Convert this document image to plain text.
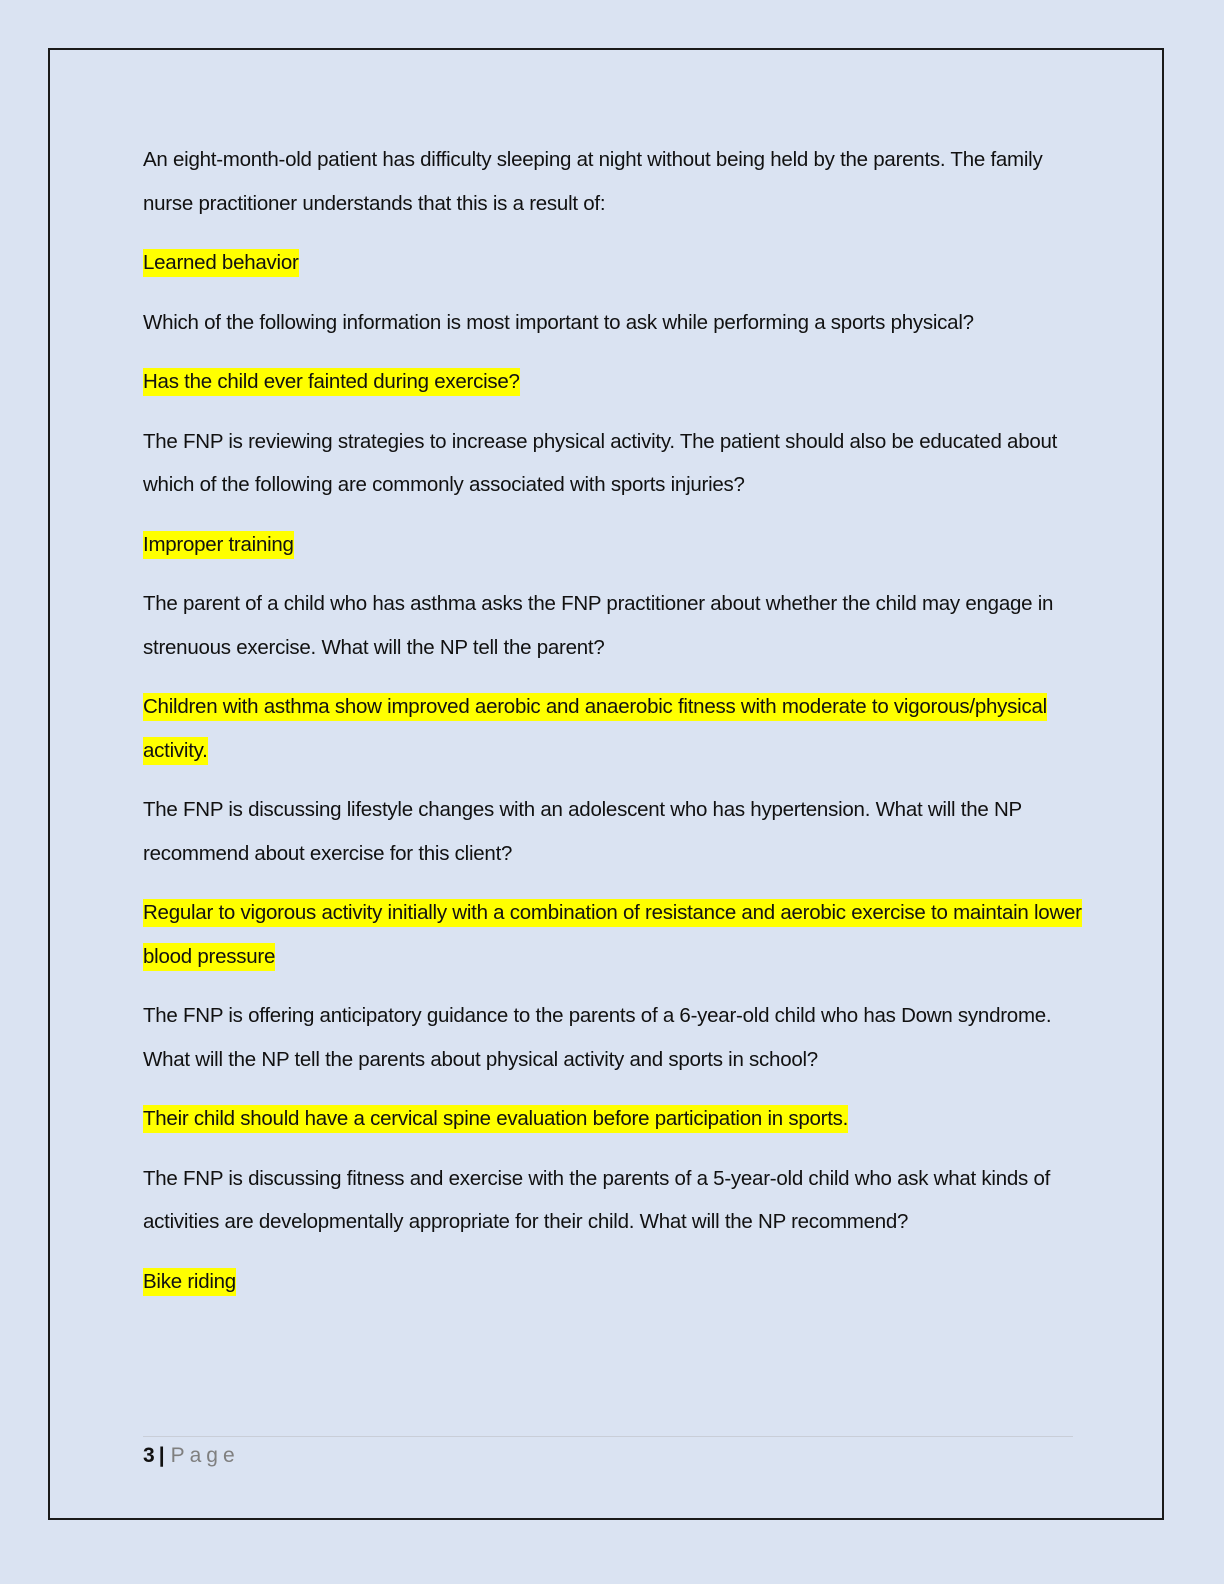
An eight-month-old patient has difficulty sleeping at night without being held by the parents. The family nurse practitioner understands that this is a result of:

Learned behavior

Which of the following information is most important to ask while performing a sports physical?

Has the child ever fainted during exercise?

The FNP is reviewing strategies to increase physical activity. The patient should also be educated about which of the following are commonly associated with sports injuries?

Improper training

The parent of a child who has asthma asks the FNP practitioner about whether the child may engage in strenuous exercise. What will the NP tell the parent?

Children with asthma show improved aerobic and anaerobic fitness with moderate to vigorous/physical activity.

The FNP is discussing lifestyle changes with an adolescent who has hypertension. What will the NP recommend about exercise for this client?

Regular to vigorous activity initially with a combination of resistance and aerobic exercise to maintain lower blood pressure

The FNP is offering anticipatory guidance to the parents of a 6-year-old child who has Down syndrome. What will the NP tell the parents about physical activity and sports in school?

Their child should have a cervical spine evaluation before participation in sports.

The FNP is discussing fitness and exercise with the parents of a 5-year-old child who ask what kinds of activities are developmentally appropriate for their child. What will the NP recommend?

Bike riding

3 | Page
